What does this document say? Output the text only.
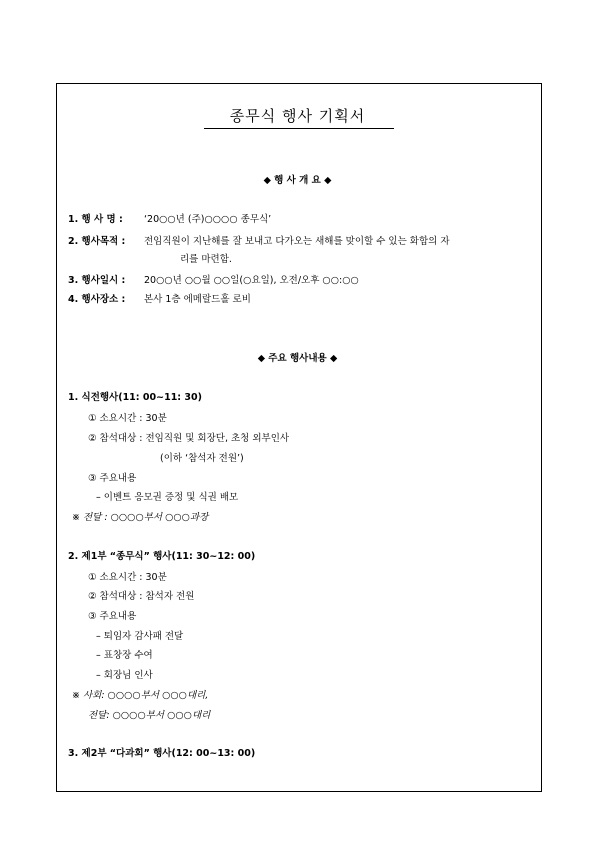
종무식 행사 기획서
◆ 행 사 개 요 ◆
1. 행 사 명 : ‘20○○년 (주)○○○○ 종무식’
2. 행사목적 : 전임직원이 지난해를 잘 보내고 다가오는 새해를 맞이할 수 있는 화합의 자
리를 마련함.
3. 행사일시 : 20○○년 ○○월 ○○일(○요일), 오전/오후 ○○:○○
4. 행사장소 : 본사 1층 에메랄드홀 로비
◆ 주요 행사내용 ◆
1. 식전행사(11: 00~11: 30)
① 소요시간 : 30분
② 참석대상 : 전임직원 및 회장단, 초청 외부인사
(이하 ‘참석자 전원’)
③ 주요내용
– 이벤트 응모권 증정 및 식권 배모
※ 전달 : ○○○○부서 ○○○과장
2. 제1부 “종무식” 행사(11: 30~12: 00)
① 소요시간 : 30분
② 참석대상 : 참석자 전원
③ 주요내용
– 퇴임자 감사패 전달
– 표창장 수여
– 회장님 인사
※ 사회: ○○○○부서 ○○○대리,
전달: ○○○○부서 ○○○대리
3. 제2부 “다과회” 행사(12: 00~13: 00)
